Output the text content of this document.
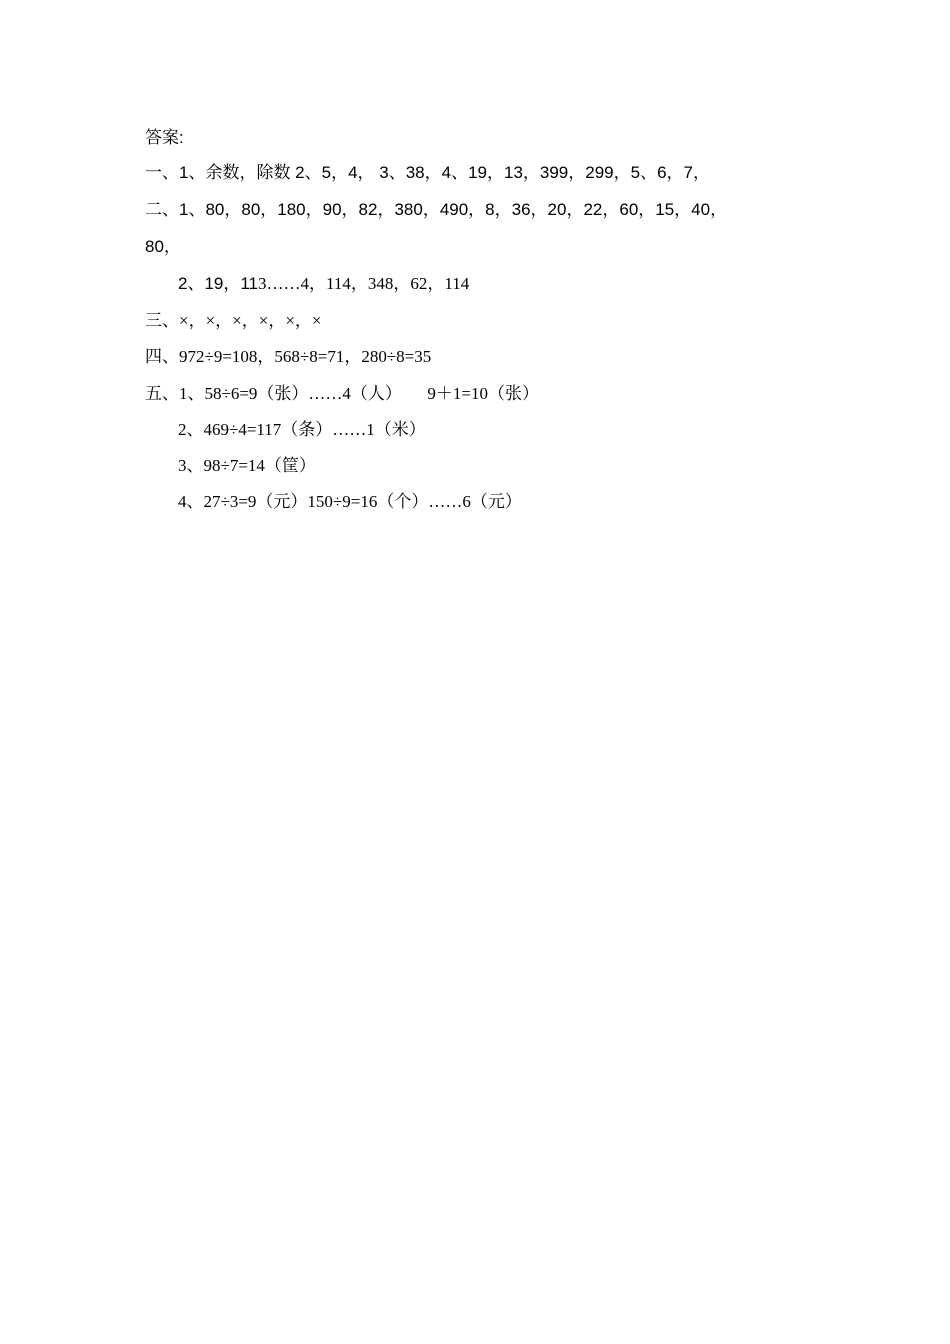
答案:
一、1、余数，除数 2、5，4， 3、38，4、19，13，399，299，5、6，7，
二、1、80，80，180，90，82，380，490，8，36，20，22，60，15，40，
80，
2、19，113……4，114，348，62，114
三、×，×，×，×，×，×
四、972÷9=108，568÷8=71，280÷8=35
五、1、58÷6=9（张）……4（人）      9＋1=10（张）
2、469÷4=117（条）……1（米）
3、98÷7=14（筐）
4、27÷3=9（元）150÷9=16（个）……6（元）
